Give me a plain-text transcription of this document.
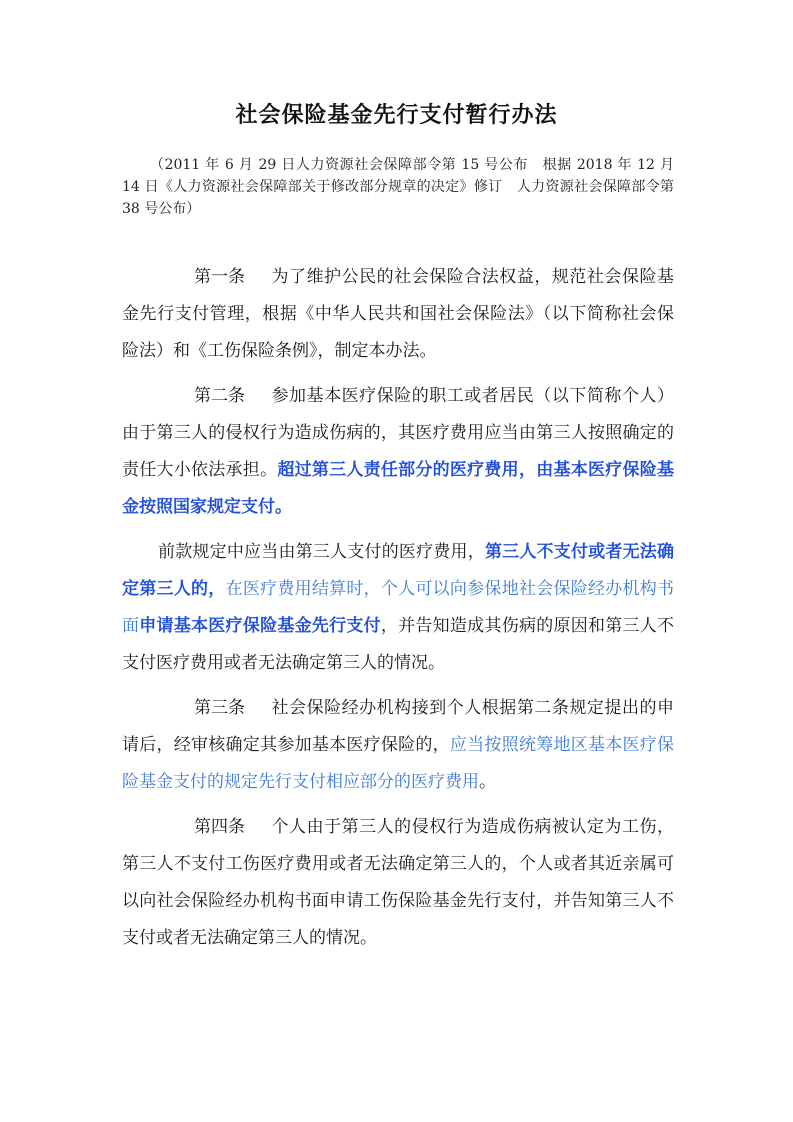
社会保险基金先行支付暂行办法
（2011 年 6 月 29 日人力资源社会保障部令第 15 号公布　根据 2018 年 12 月 14 日《人力资源社会保障部关于修改部分规章的决定》修订　人力资源社会保障部令第 38 号公布）

第一条 为了维护公民的社会保险合法权益，规范社会保险基金先行支付管理，根据《中华人民共和国社会保险法》（以下简称社会保险法）和《工伤保险条例》，制定本办法。

第二条 参加基本医疗保险的职工或者居民（以下简称个人）由于第三人的侵权行为造成伤病的，其医疗费用应当由第三人按照确定的责任大小依法承担。超过第三人责任部分的医疗费用，由基本医疗保险基金按照国家规定支付。

前款规定中应当由第三人支付的医疗费用，第三人不支付或者无法确定第三人的，在医疗费用结算时，个人可以向参保地社会保险经办机构书面申请基本医疗保险基金先行支付，并告知造成其伤病的原因和第三人不支付医疗费用或者无法确定第三人的情况。

第三条 社会保险经办机构接到个人根据第二条规定提出的申请后，经审核确定其参加基本医疗保险的，应当按照统筹地区基本医疗保险基金支付的规定先行支付相应部分的医疗费用。

第四条 个人由于第三人的侵权行为造成伤病被认定为工伤，第三人不支付工伤医疗费用或者无法确定第三人的，个人或者其近亲属可以向社会保险经办机构书面申请工伤保险基金先行支付，并告知第三人不支付或者无法确定第三人的情况。
